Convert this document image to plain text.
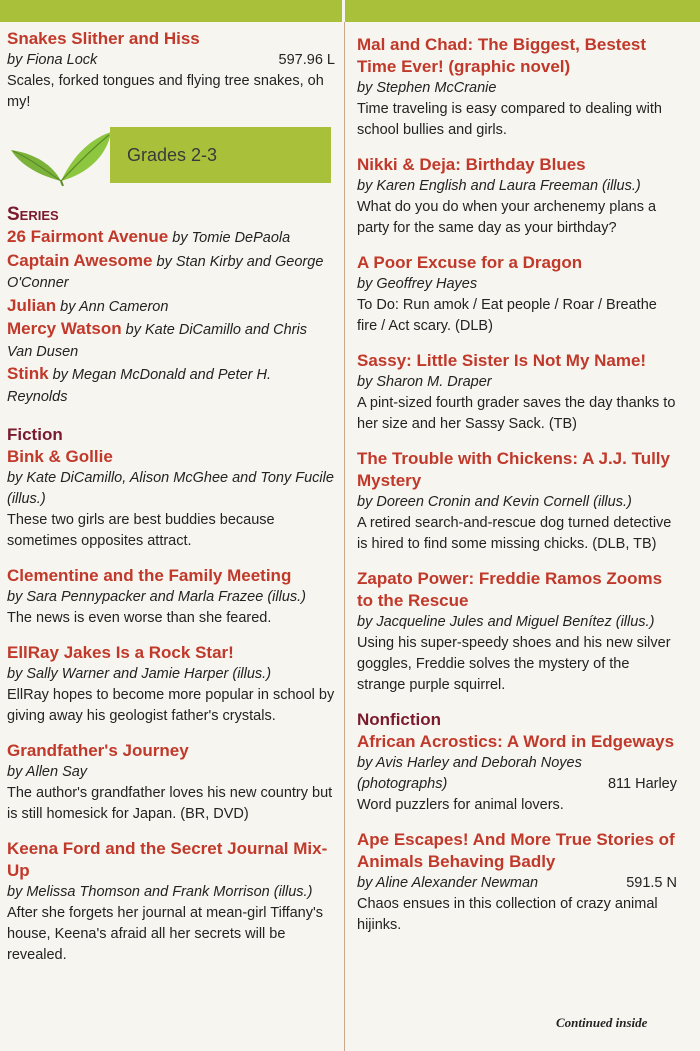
Snakes Slither and Hiss
by Fiona Lock	597.96 L
Scales, forked tongues and flying tree snakes, oh my!
Grades 2-3
Series
26 Fairmont Avenue by Tomie DePaola
Captain Awesome by Stan Kirby and George O'Conner
Julian by Ann Cameron
Mercy Watson by Kate DiCamillo and Chris Van Dusen
Stink by Megan McDonald and Peter H. Reynolds
Fiction
Bink & Gollie
by Kate DiCamillo, Alison McGhee and Tony Fucile (illus.)
These two girls are best buddies because sometimes opposites attract.
Clementine and the Family Meeting
by Sara Pennypacker and Marla Frazee (illus.)
The news is even worse than she feared.
EllRay Jakes Is a Rock Star!
by Sally Warner and Jamie Harper (illus.)
EllRay hopes to become more popular in school by giving away his geologist father's crystals.
Grandfather's Journey
by Allen Say
The author's grandfather loves his new country but is still homesick for Japan. (BR, DVD)
Keena Ford and the Secret Journal Mix-Up
by Melissa Thomson and Frank Morrison (illus.)
After she forgets her journal at mean-girl Tiffany's house, Keena's afraid all her secrets will be revealed.
Mal and Chad: The Biggest, Bestest Time Ever! (graphic novel)
by Stephen McCranie
Time traveling is easy compared to dealing with school bullies and girls.
Nikki & Deja: Birthday Blues
by Karen English and Laura Freeman (illus.)
What do you do when your archenemy plans a party for the same day as your birthday?
A Poor Excuse for a Dragon
by Geoffrey Hayes
To Do: Run amok / Eat people / Roar / Breathe fire / Act scary. (DLB)
Sassy: Little Sister Is Not My Name!
by Sharon M. Draper
A pint-sized fourth grader saves the day thanks to her size and her Sassy Sack. (TB)
The Trouble with Chickens: A J.J. Tully Mystery
by Doreen Cronin and Kevin Cornell (illus.)
A retired search-and-rescue dog turned detective is hired to find some missing chicks. (DLB, TB)
Zapato Power: Freddie Ramos Zooms to the Rescue
by Jacqueline Jules and Miguel Benítez (illus.)
Using his super-speedy shoes and his new silver goggles, Freddie solves the mystery of the strange purple squirrel.
Nonfiction
African Acrostics: A Word in Edgeways
by Avis Harley and Deborah Noyes (photographs)	811 Harley
Word puzzlers for animal lovers.
Ape Escapes! And More True Stories of Animals Behaving Badly
by Aline Alexander Newman	591.5 N
Chaos ensues in this collection of crazy animal hijinks.
Continued inside
